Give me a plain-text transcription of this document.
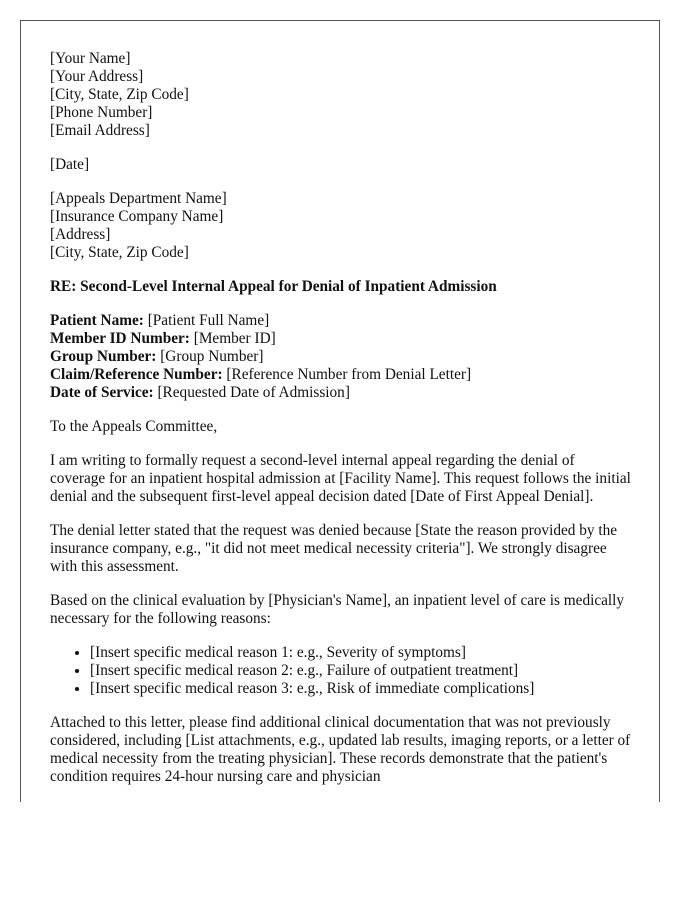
[Your Name]
[Your Address]
[City, State, Zip Code]
[Phone Number]
[Email Address]
[Date]
[Appeals Department Name]
[Insurance Company Name]
[Address]
[City, State, Zip Code]
RE: Second-Level Internal Appeal for Denial of Inpatient Admission
Patient Name: [Patient Full Name]
Member ID Number: [Member ID]
Group Number: [Group Number]
Claim/Reference Number: [Reference Number from Denial Letter]
Date of Service: [Requested Date of Admission]
To the Appeals Committee,

I am writing to formally request a second-level internal appeal regarding the denial of coverage for an inpatient hospital admission at [Facility Name]. This request follows the initial denial and the subsequent first-level appeal decision dated [Date of First Appeal Denial].

The denial letter stated that the request was denied because [State the reason provided by the insurance company, e.g., "it did not meet medical necessity criteria"]. We strongly disagree with this assessment.

Based on the clinical evaluation by [Physician's Name], an inpatient level of care is medically necessary for the following reasons:

• [Insert specific medical reason 1: e.g., Severity of symptoms]
• [Insert specific medical reason 2: e.g., Failure of outpatient treatment]
• [Insert specific medical reason 3: e.g., Risk of immediate complications]

Attached to this letter, please find additional clinical documentation that was not previously considered, including [List attachments, e.g., updated lab results, imaging reports, or a letter of medical necessity from the treating physician]. These records demonstrate that the patient's condition requires 24-hour nursing care and physician
